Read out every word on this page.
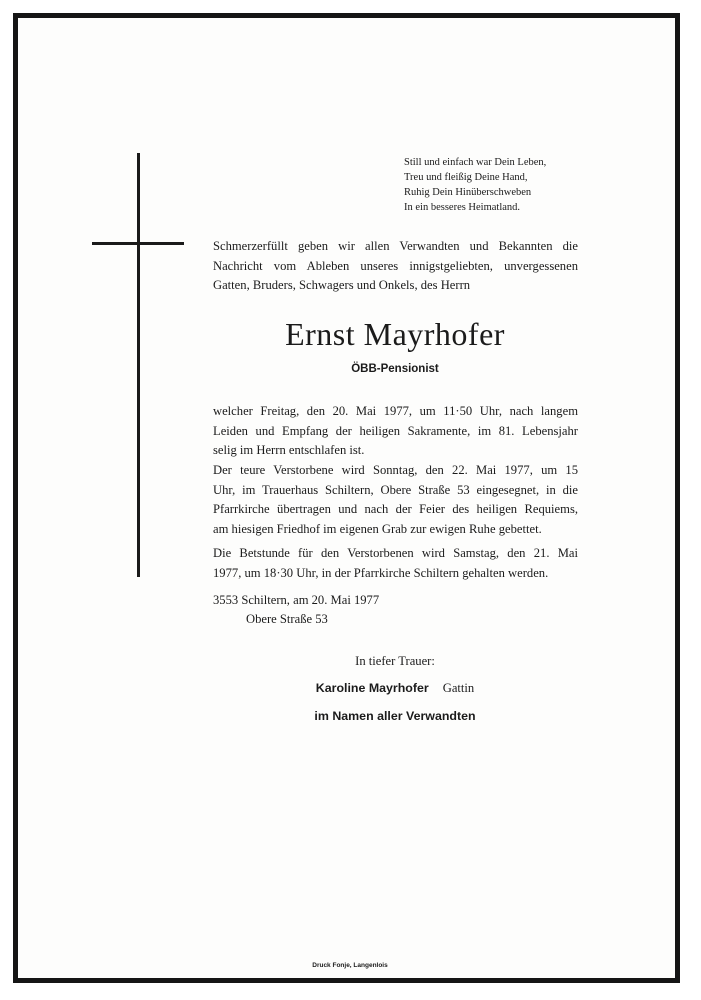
Still und einfach war Dein Leben,
Treu und fleißig Deine Hand,
Ruhig Dein Hinüberschweben
In ein besseres Heimatland.
Schmerzerfüllt geben wir allen Verwandten und Bekannten die
Nachricht vom Ableben unseres innigstgeliebten, unvergessenen
Gatten, Bruders, Schwagers und Onkels, des Herrn
Ernst Mayrhofer
ÖBB-Pensionist
welcher Freitag, den 20. Mai 1977, um 11·50 Uhr, nach langem
Leiden und Empfang der heiligen Sakramente, im 81. Lebensjahr
selig im Herrn entschlafen ist.
Der teure Verstorbene wird Sonntag, den 22. Mai 1977, um 15
Uhr, im Trauerhaus Schiltern, Obere Straße 53 eingesegnet, in die
Pfarrkirche übertragen und nach der Feier des heiligen Requiems,
am hiesigen Friedhof im eigenen Grab zur ewigen Ruhe gebettet.
Die Betstunde für den Verstorbenen wird Samstag, den 21. Mai
1977, um 18·30 Uhr, in der Pfarrkirche Schiltern gehalten werden.
3553 Schiltern, am 20. Mai 1977
Obere Straße 53
In tiefer Trauer:
Karoline Mayrhofer Gattin
im Namen aller Verwandten
Druck Fonje, Langenlois
